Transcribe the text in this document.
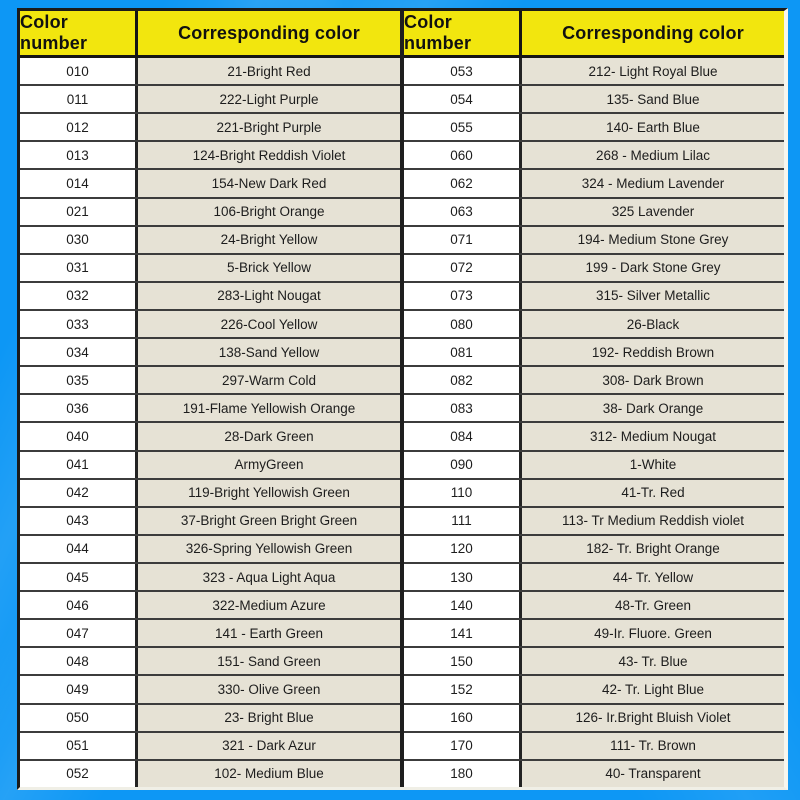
Color number
Corresponding color
010	21-Bright Red
011	222-Light Purple
012	221-Bright Purple
013	124-Bright Reddish Violet
014	154-New Dark Red
021	106-Bright Orange
030	24-Bright Yellow
031	5-Brick Yellow
032	283-Light Nougat
033	226-Cool Yellow
034	138-Sand Yellow
035	297-Warm Cold
036	191-Flame Yellowish Orange
040	28-Dark Green
041	ArmyGreen
042	119-Bright Yellowish Green
043	37-Bright Green Bright Green
044	326-Spring Yellowish Green
045	323 - Aqua Light Aqua
046	322-Medium Azure
047	141 - Earth Green
048	151- Sand Green
049	330- Olive Green
050	23- Bright Blue
051	321 - Dark Azur
052	102- Medium Blue
Color number
Corresponding color
053	212- Light Royal Blue
054	135- Sand Blue
055	140- Earth Blue
060	268 - Medium Lilac
062	324 - Medium Lavender
063	325 Lavender
071	194- Medium Stone Grey
072	199 - Dark Stone Grey
073	315- Silver Metallic
080	26-Black
081	192- Reddish Brown
082	308- Dark Brown
083	38- Dark Orange
084	312- Medium Nougat
090	1-White
110	41-Tr. Red
111	113- Tr Medium Reddish violet
120	182- Tr. Bright Orange
130	44- Tr. Yellow
140	48-Tr. Green
141	49-Ir. Fluore. Green
150	43- Tr. Blue
152	42- Tr. Light Blue
160	126- Ir.Bright Bluish Violet
170	111- Tr. Brown
180	40- Transparent
